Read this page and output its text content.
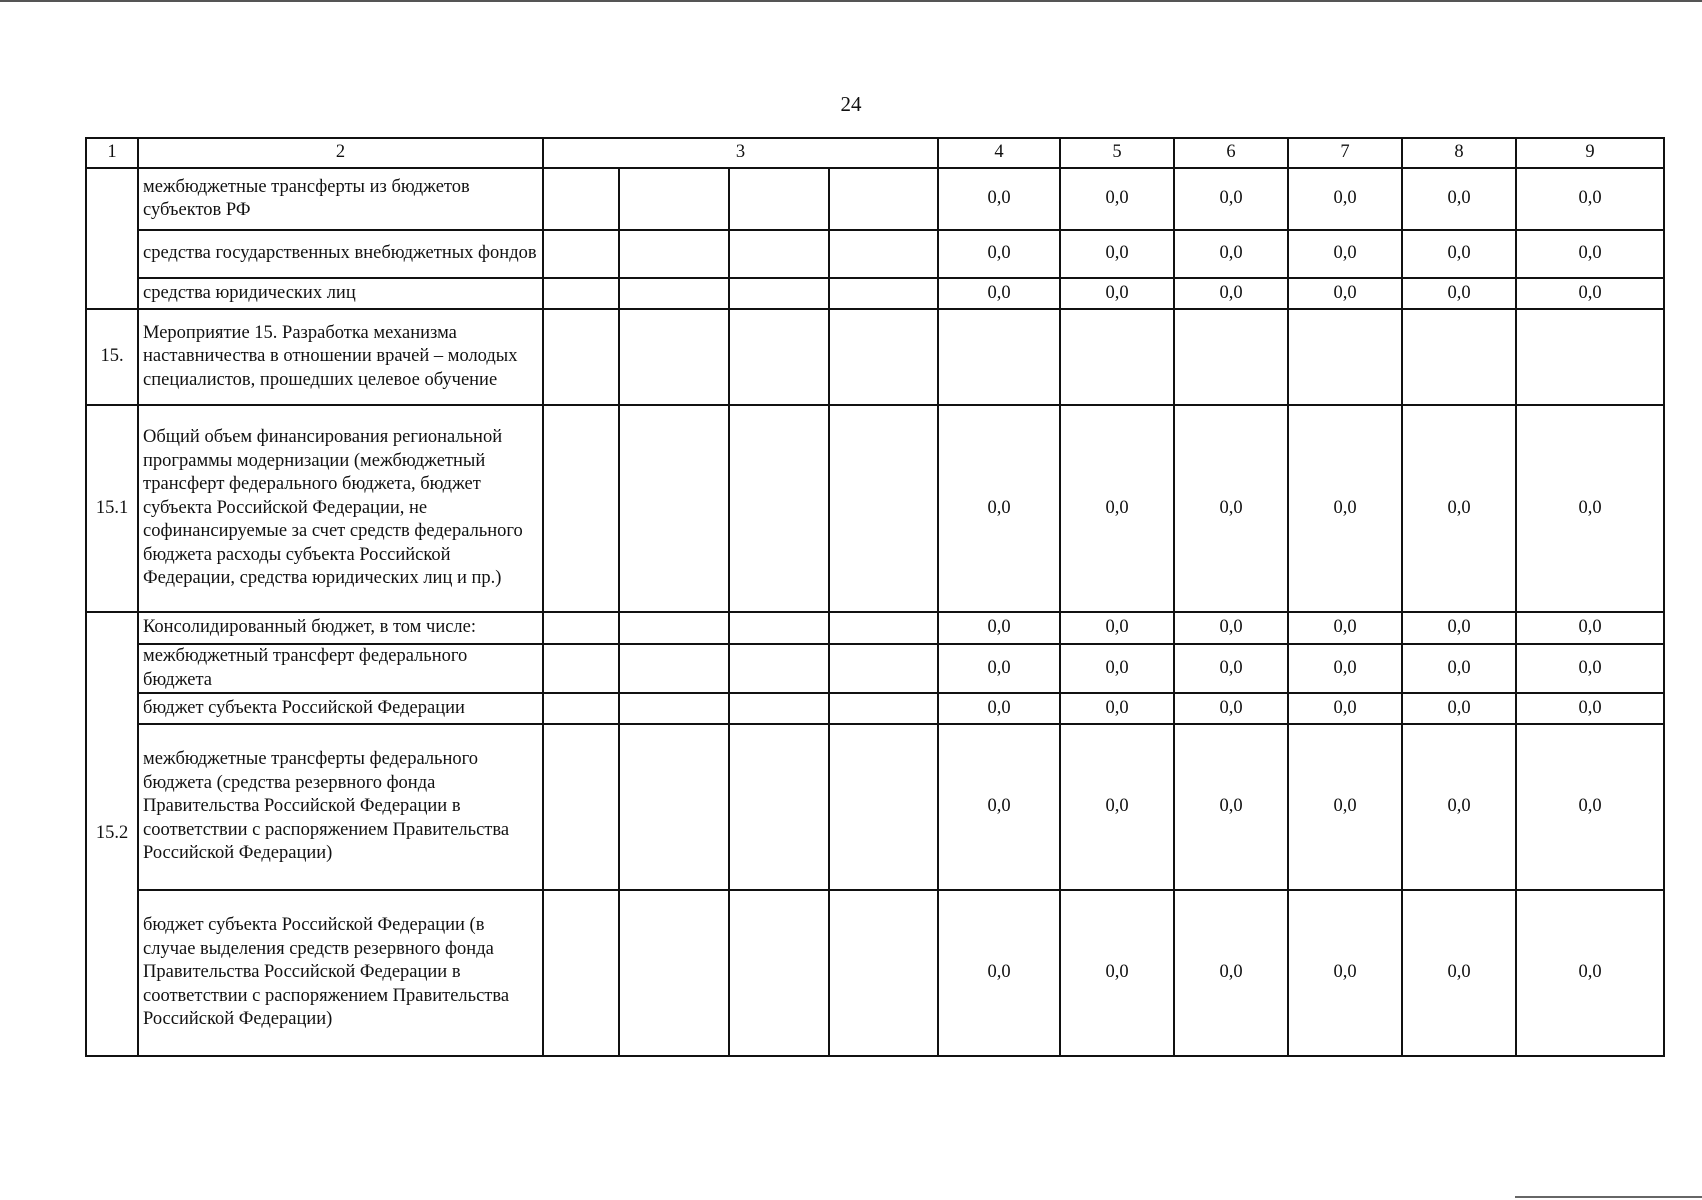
24
1	2	3				4	5	6	7	8	9
	межбюджетные трансферты из бюджетов субъектов РФ					0,0	0,0	0,0	0,0	0,0	0,0
	средства государственных внебюджетных фондов					0,0	0,0	0,0	0,0	0,0	0,0
	средства юридических лиц					0,0	0,0	0,0	0,0	0,0	0,0
15.	Мероприятие 15. Разработка механизма наставничества в отношении врачей – молодых специалистов, прошедших целевое обучение										
15.1	Общий объем финансирования региональной программы модернизации (межбюджетный трансферт федерального бюджета, бюджет субъекта Российской Федерации, не софинансируемые за счет средств федерального бюджета расходы субъекта Российской Федерации, средства юридических лиц и пр.)					0,0	0,0	0,0	0,0	0,0	0,0
15.2	Консолидированный бюджет, в том числе:					0,0	0,0	0,0	0,0	0,0	0,0
	межбюджетный трансферт федерального бюджета					0,0	0,0	0,0	0,0	0,0	0,0
	бюджет субъекта Российской Федерации					0,0	0,0	0,0	0,0	0,0	0,0
	межбюджетные трансферты федерального бюджета (средства резервного фонда Правительства Российской Федерации в соответствии с распоряжением Правительства Российской Федерации)					0,0	0,0	0,0	0,0	0,0	0,0
	бюджет субъекта Российской Федерации (в случае выделения средств резервного фонда Правительства Российской Федерации в соответствии с распоряжением Правительства Российской Федерации)					0,0	0,0	0,0	0,0	0,0	0,0
